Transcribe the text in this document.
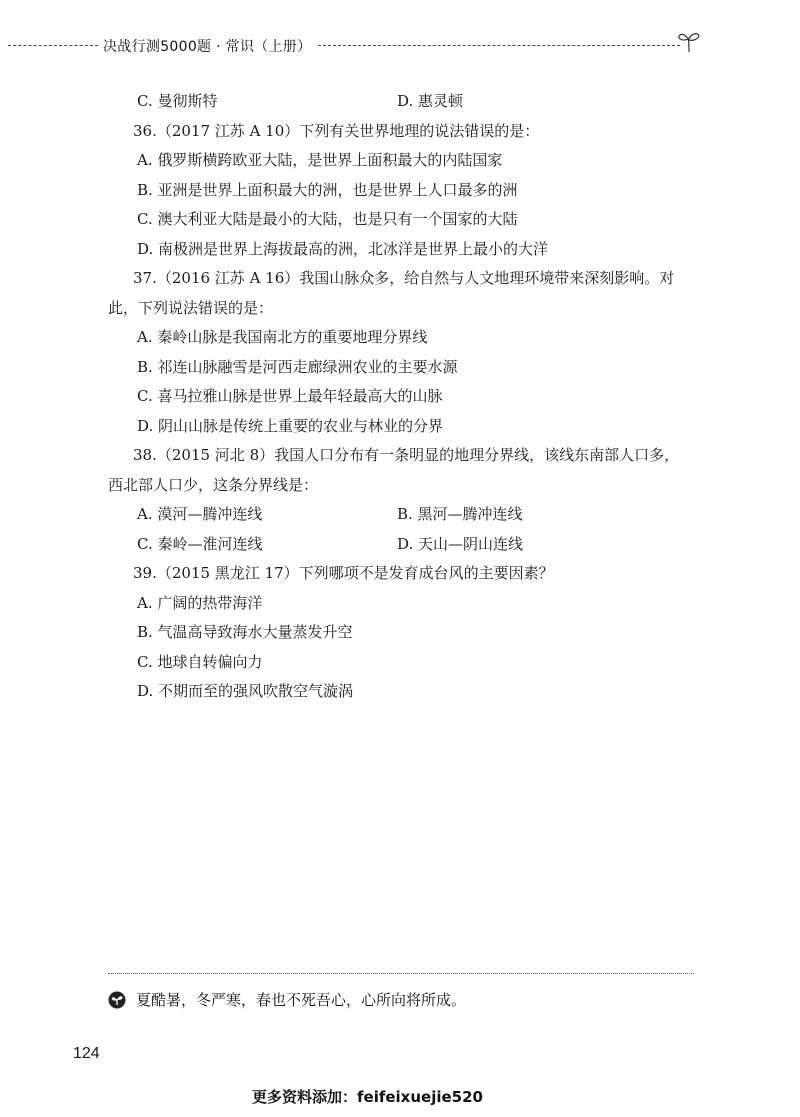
决战行测5000题 · 常识（上册）
C. 曼彻斯特	D. 惠灵顿
36.（2017 江苏 A 10）下列有关世界地理的说法错误的是：
A. 俄罗斯横跨欧亚大陆，是世界上面积最大的内陆国家
B. 亚洲是世界上面积最大的洲，也是世界上人口最多的洲
C. 澳大利亚大陆是最小的大陆，也是只有一个国家的大陆
D. 南极洲是世界上海拔最高的洲，北冰洋是世界上最小的大洋
37.（2016 江苏 A 16）我国山脉众多，给自然与人文地理环境带来深刻影响。对
此，下列说法错误的是：
A. 秦岭山脉是我国南北方的重要地理分界线
B. 祁连山脉融雪是河西走廊绿洲农业的主要水源
C. 喜马拉雅山脉是世界上最年轻最高大的山脉
D. 阴山山脉是传统上重要的农业与林业的分界
38.（2015 河北 8）我国人口分布有一条明显的地理分界线，该线东南部人口多，
西北部人口少，这条分界线是：
A. 漠河—腾冲连线	B. 黑河—腾冲连线
C. 秦岭—淮河连线	D. 天山—阴山连线
39.（2015 黑龙江 17）下列哪项不是发育成台风的主要因素？
A. 广阔的热带海洋
B. 气温高导致海水大量蒸发升空
C. 地球自转偏向力
D. 不期而至的强风吹散空气漩涡
夏酷暑，冬严寒，春也不死吾心，心所向将所成。
124
更多资料添加：feifeixuejie520
